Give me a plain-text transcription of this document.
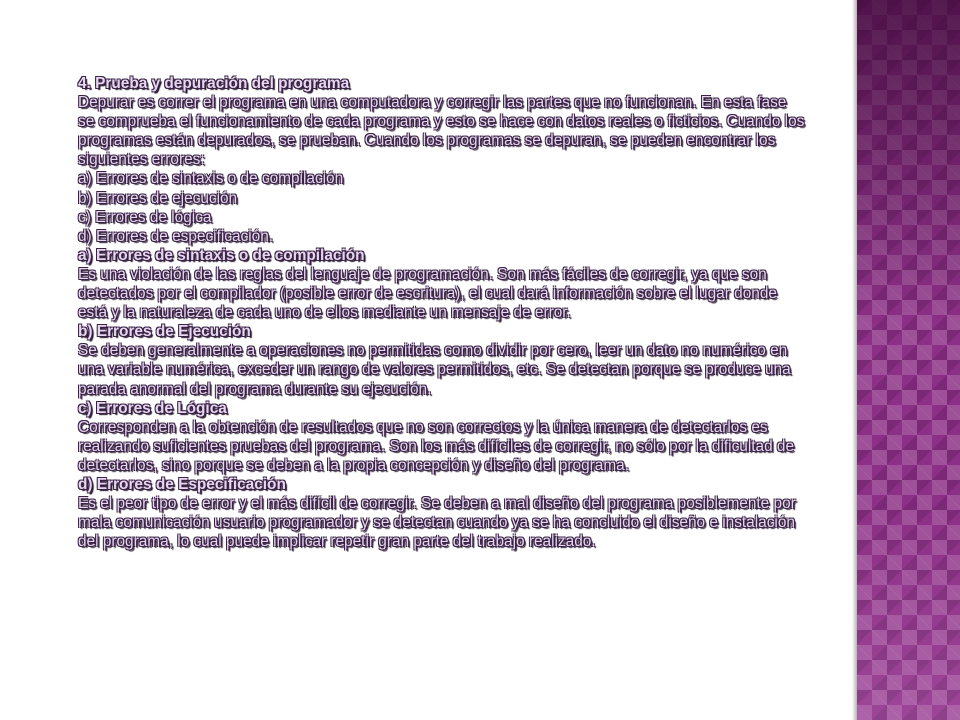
4. Prueba y depuración del programa

Depurar es correr el programa en una computadora y corregir las partes que no funcionan. En esta fase

se comprueba el funcionamiento de cada programa y esto se hace con datos reales o ficticios. Cuando los

programas están depurados, se prueban. Cuando los programas se depuran, se pueden encontrar los

siguientes errores:

a) Errores de sintaxis o de compilación

b) Errores de ejecución

c) Errores de lógica

d) Errores de especificación.

a) Errores de sintaxis o de compilación

Es una violación de las reglas del lenguaje de programación. Son más fáciles de corregir, ya que son

detectados por el compilador (posible error de escritura), el cual dará información sobre el lugar donde

está y la naturaleza de cada uno de ellos mediante un mensaje de error.

b) Errores de Ejecución

Se deben generalmente a operaciones no permitidas como dividir por cero, leer un dato no numérico en

una variable numérica, exceder un rango de valores permitidos, etc. Se detectan porque se produce una

parada anormal del programa durante su ejecución.

c) Errores de Lógica

Corresponden a la obtención de resultados que no son correctos y la única manera de detectarlos es

realizando suficientes pruebas del programa. Son los más difíciles de corregir, no sólo por la dificultad de

detectarlos, sino porque se deben a la propia concepción y diseño del programa.

d) Errores de Especificación

Es el peor tipo de error y el más difícil de corregir. Se deben a mal diseño del programa posiblemente por

mala comunicación usuario programador y se detectan cuando ya se ha concluido el diseño e instalación

del programa, lo cual puede implicar repetir gran parte del trabajo realizado.
